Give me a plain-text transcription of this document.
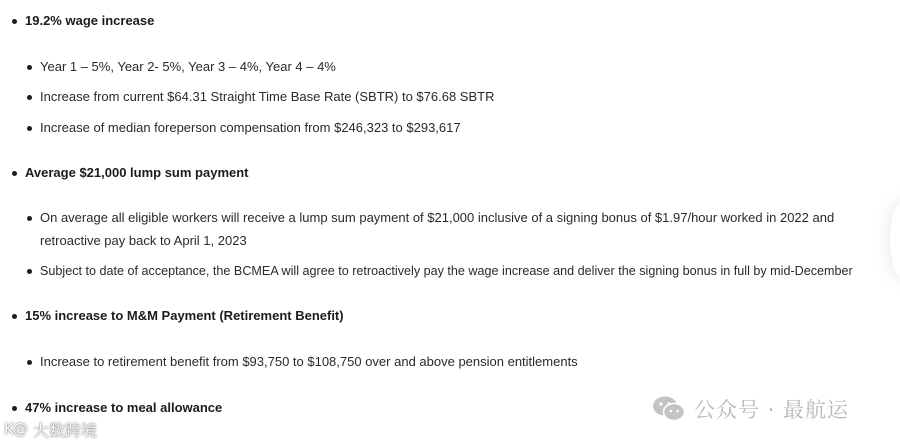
19.2% wage increase
Year 1 – 5%, Year 2- 5%, Year 3 – 4%, Year 4 – 4%
Increase from current $64.31 Straight Time Base Rate (SBTR) to $76.68 SBTR
Increase of median foreperson compensation from $246,323 to $293,617
Average $21,000 lump sum payment
On average all eligible workers will receive a lump sum payment of $21,000 inclusive of a signing bonus of $1.97/hour worked in 2022 and
retroactive pay back to April 1, 2023
Subject to date of acceptance, the BCMEA will agree to retroactively pay the wage increase and deliver the signing bonus in full by mid-December
15% increase to M&M Payment (Retirement Benefit)
Increase to retirement benefit from $93,750 to $108,750 over and above pension entitlements
47% increase to meal allowance	公众号 · 最航运
K@ 大数跨境
